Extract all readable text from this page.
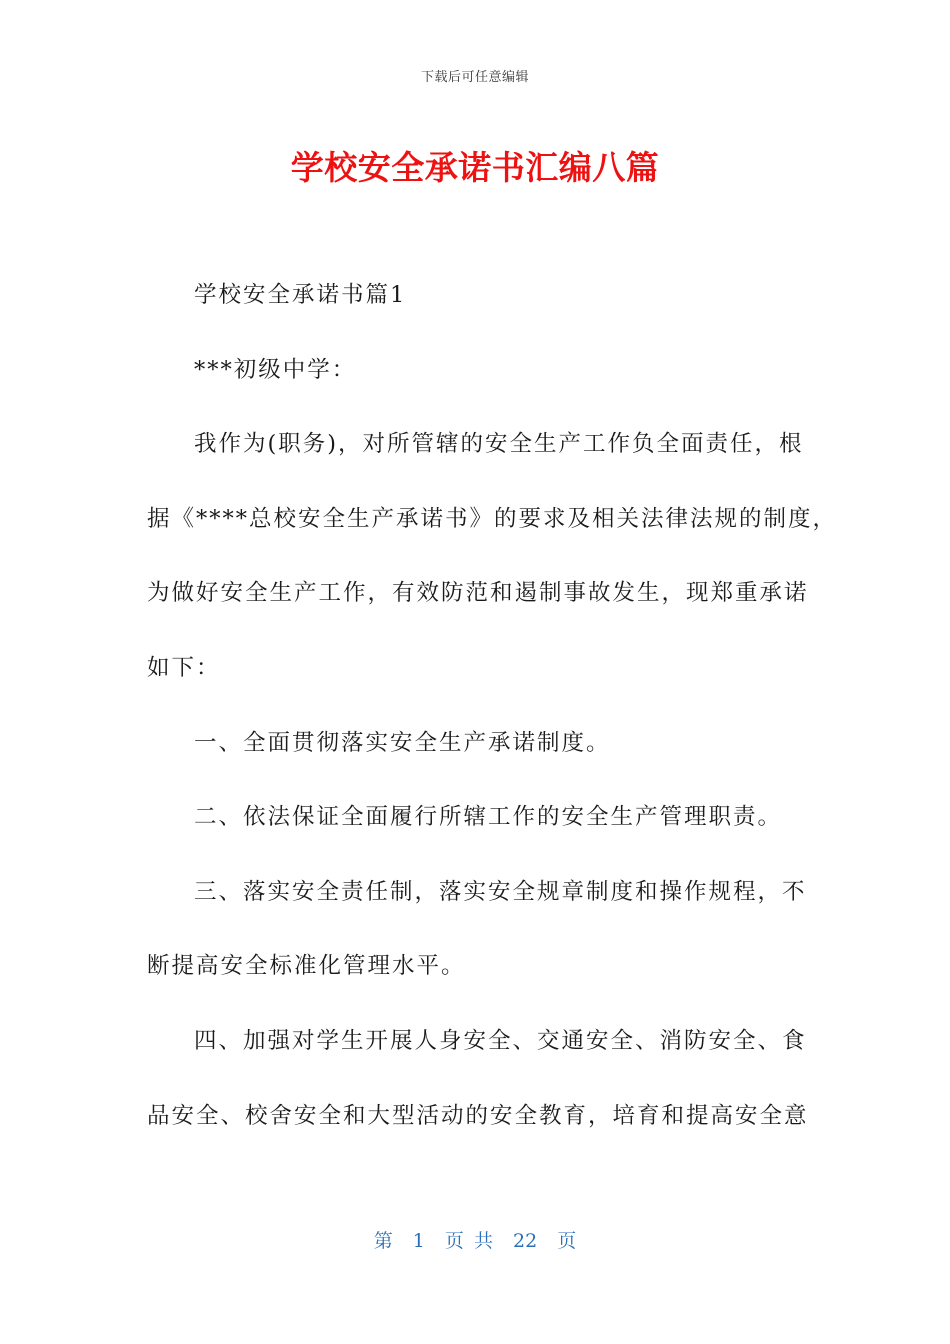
下载后可任意编辑
学校安全承诺书汇编八篇
学校安全承诺书篇1
***初级中学：
我作为(职务)，对所管辖的安全生产工作负全面责任，根
据《****总校安全生产承诺书》的要求及相关法律法规的制度，
为做好安全生产工作，有效防范和遏制事故发生，现郑重承诺
如下：
一、全面贯彻落实安全生产承诺制度。
二、依法保证全面履行所辖工作的安全生产管理职责。
三、落实安全责任制，落实安全规章制度和操作规程，不
断提高安全标准化管理水平。
四、加强对学生开展人身安全、交通安全、消防安全、食
品安全、校舍安全和大型活动的安全教育，培育和提高安全意
第 1 页 共 22 页
